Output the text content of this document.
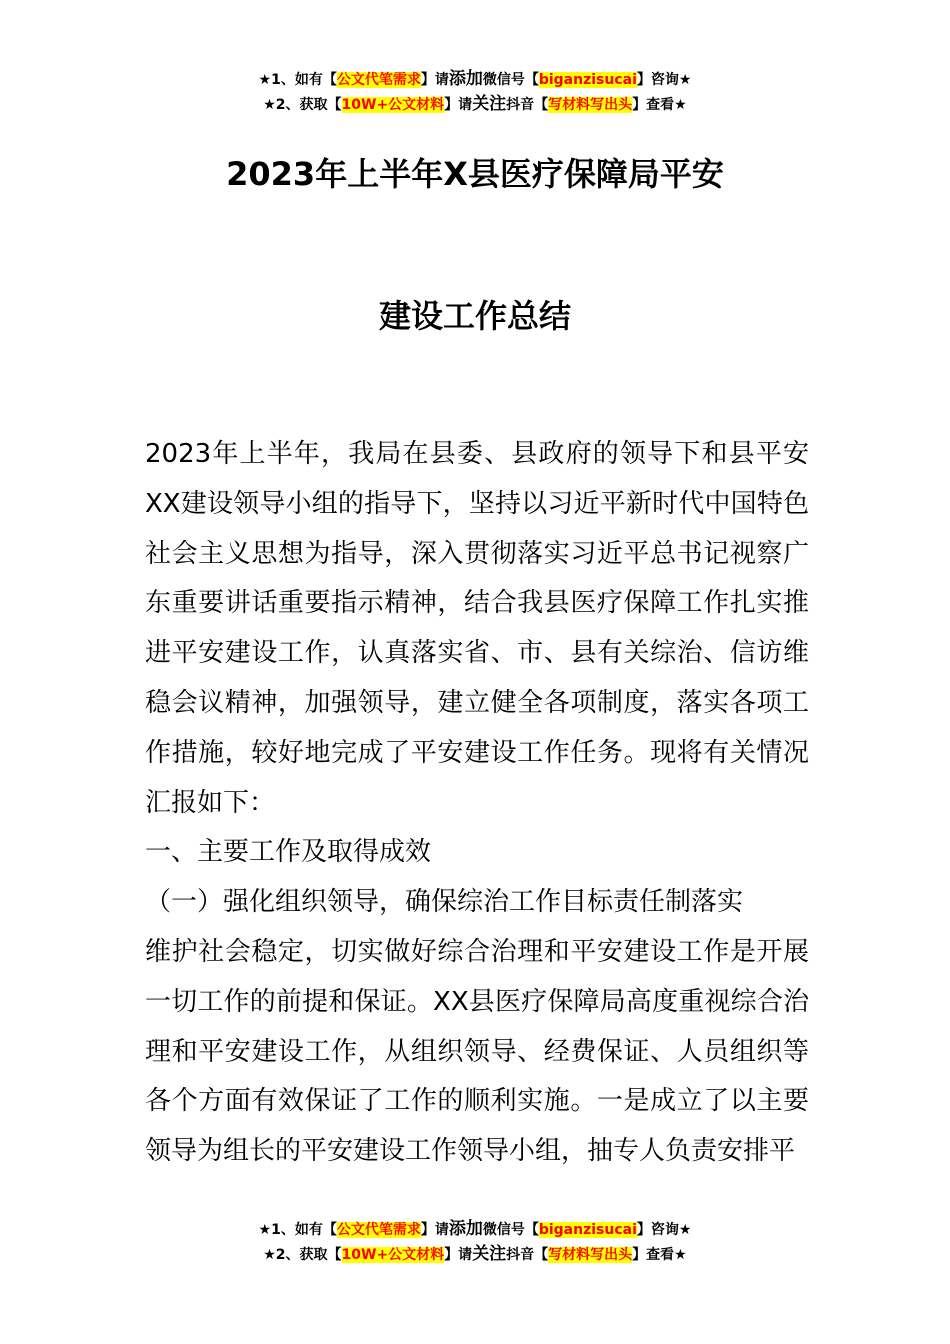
★1、如有【公文代笔需求】请添加微信号【biganzisucai】咨询★
★2、获取【10W+公文材料】请关注抖音【写材料写出头】查看★
2023年上半年X县医疗保障局平安
建设工作总结

2023年上半年，我局在县委、县政府的领导下和县平安XX建设领导小组的指导下，坚持以习近平新时代中国特色社会主义思想为指导，深入贯彻落实习近平总书记视察广东重要讲话重要指示精神，结合我县医疗保障工作扎实推进平安建设工作，认真落实省、市、县有关综治、信访维稳会议精神，加强领导，建立健全各项制度，落实各项工作措施，较好地完成了平安建设工作任务。现将有关情况汇报如下：

一、主要工作及取得成效

（一）强化组织领导，确保综治工作目标责任制落实

维护社会稳定，切实做好综合治理和平安建设工作是开展一切工作的前提和保证。XX县医疗保障局高度重视综合治理和平安建设工作，从组织领导、经费保证、人员组织等各个方面有效保证了工作的顺利实施。一是成立了以主要领导为组长的平安建设工作领导小组，抽专人负责安排平

★1、如有【公文代笔需求】请添加微信号【biganzisucai】咨询★
★2、获取【10W+公文材料】请关注抖音【写材料写出头】查看★
